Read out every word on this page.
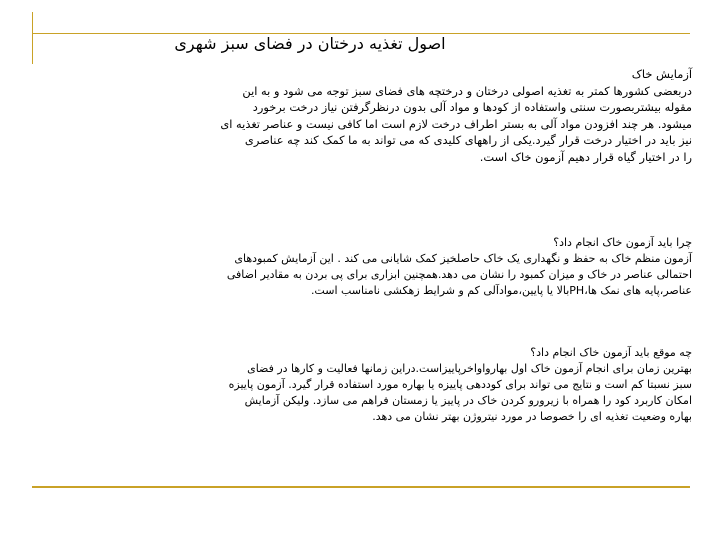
اصول تغذیه درختان در فضای سبز شهری
آزمایش خاک
دربعضی کشورها کمتر به تغذیه اصولی درختان و درختچه های فضای سبز توجه می شود و به این
مقوله بیشتربصورت سنتی واستفاده از کودها و مواد آلی بدون درنظرگرفتن نیاز درخت برخورد
میشود. هر چند افزودن مواد آلی به بستر اطراف درخت لازم است اما کافی نیست و عناصر تغذیه ای
نیز باید در اختیار درخت قرار گیرد.یکی از راههای کلیدی که می تواند به ما کمک کند چه عناصری
را در اختیار گیاه قرار دهیم آزمون خاک است.
چرا باید آزمون خاک انجام داد؟
آزمون منظم خاک به حفظ و نگهداری یک خاک حاصلخیز کمک شایانی می کند . این آزمایش کمبودهای
احتمالی عناصر در خاک و میزان کمبود را نشان می دهد.همچنین ابزاری برای پی بردن به مقادیر اضافی
عناصر،پایه های نمک ها،PHبالا یا پایین،موادآلی کم و شرایط زهکشی نامناسب است.
چه موقع باید آزمون خاک انجام داد؟
بهترین زمان برای انجام آزمون خاک اول بهارواواخرپاییزاست.دراین زمانها فعالیت و کارها در فضای
سبز نسبتا کم است و نتایج می تواند برای کوددهی پاییزه یا بهاره مورد استفاده قرار گیرد. آزمون پاییزه
امکان کاربرد کود را همراه با زیرورو کردن خاک در پاییز یا زمستان فراهم می سازد. ولیکن آزمایش
بهاره وضعیت تغذیه ای را خصوصا در مورد نیتروژن بهتر نشان می دهد.
